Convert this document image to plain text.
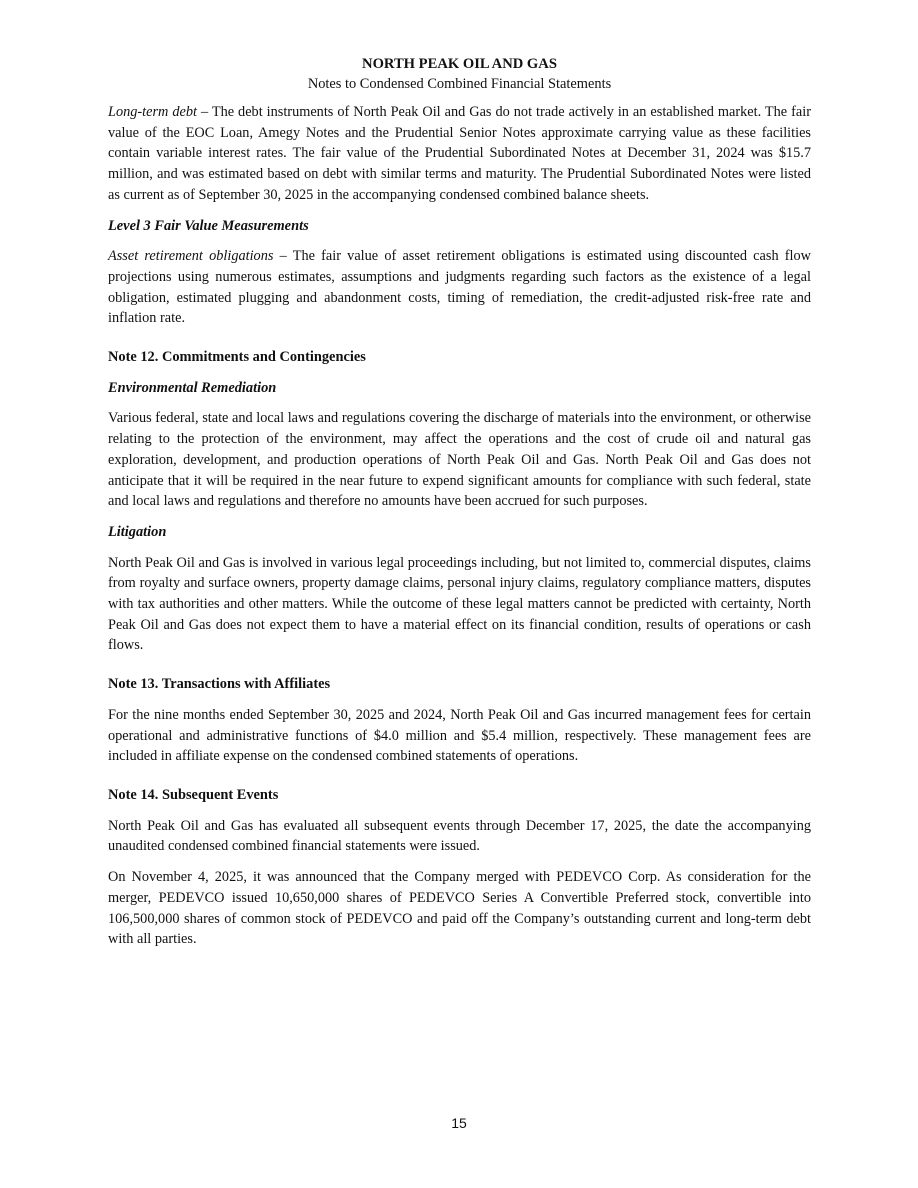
NORTH PEAK OIL AND GAS
Notes to Condensed Combined Financial Statements

Long-term debt – The debt instruments of North Peak Oil and Gas do not trade actively in an established market. The fair value of the EOC Loan, Amegy Notes and the Prudential Senior Notes approximate carrying value as these facilities contain variable interest rates. The fair value of the Prudential Subordinated Notes at December 31, 2024 was $15.7 million, and was estimated based on debt with similar terms and maturity. The Prudential Subordinated Notes were listed as current as of September 30, 2025 in the accompanying condensed combined balance sheets.

Level 3 Fair Value Measurements

Asset retirement obligations – The fair value of asset retirement obligations is estimated using discounted cash flow projections using numerous estimates, assumptions and judgments regarding such factors as the existence of a legal obligation, estimated plugging and abandonment costs, timing of remediation, the credit-adjusted risk-free rate and inflation rate.

Note 12. Commitments and Contingencies
Environmental Remediation

Various federal, state and local laws and regulations covering the discharge of materials into the environment, or otherwise relating to the protection of the environment, may affect the operations and the cost of crude oil and natural gas exploration, development, and production operations of North Peak Oil and Gas. North Peak Oil and Gas does not anticipate that it will be required in the near future to expend significant amounts for compliance with such federal, state and local laws and regulations and therefore no amounts have been accrued for such purposes.

Litigation

North Peak Oil and Gas is involved in various legal proceedings including, but not limited to, commercial disputes, claims from royalty and surface owners, property damage claims, personal injury claims, regulatory compliance matters, disputes with tax authorities and other matters. While the outcome of these legal matters cannot be predicted with certainty, North Peak Oil and Gas does not expect them to have a material effect on its financial condition, results of operations or cash flows.

Note 13. Transactions with Affiliates

For the nine months ended September 30, 2025 and 2024, North Peak Oil and Gas incurred management fees for certain operational and administrative functions of $4.0 million and $5.4 million, respectively. These management fees are included in affiliate expense on the condensed combined statements of operations.

Note 14. Subsequent Events

North Peak Oil and Gas has evaluated all subsequent events through December 17, 2025, the date the accompanying unaudited condensed combined financial statements were issued.

On November 4, 2025, it was announced that the Company merged with PEDEVCO Corp. As consideration for the merger, PEDEVCO issued 10,650,000 shares of PEDEVCO Series A Convertible Preferred stock, convertible into 106,500,000 shares of common stock of PEDEVCO and paid off the Company’s outstanding current and long-term debt with all parties.

15
